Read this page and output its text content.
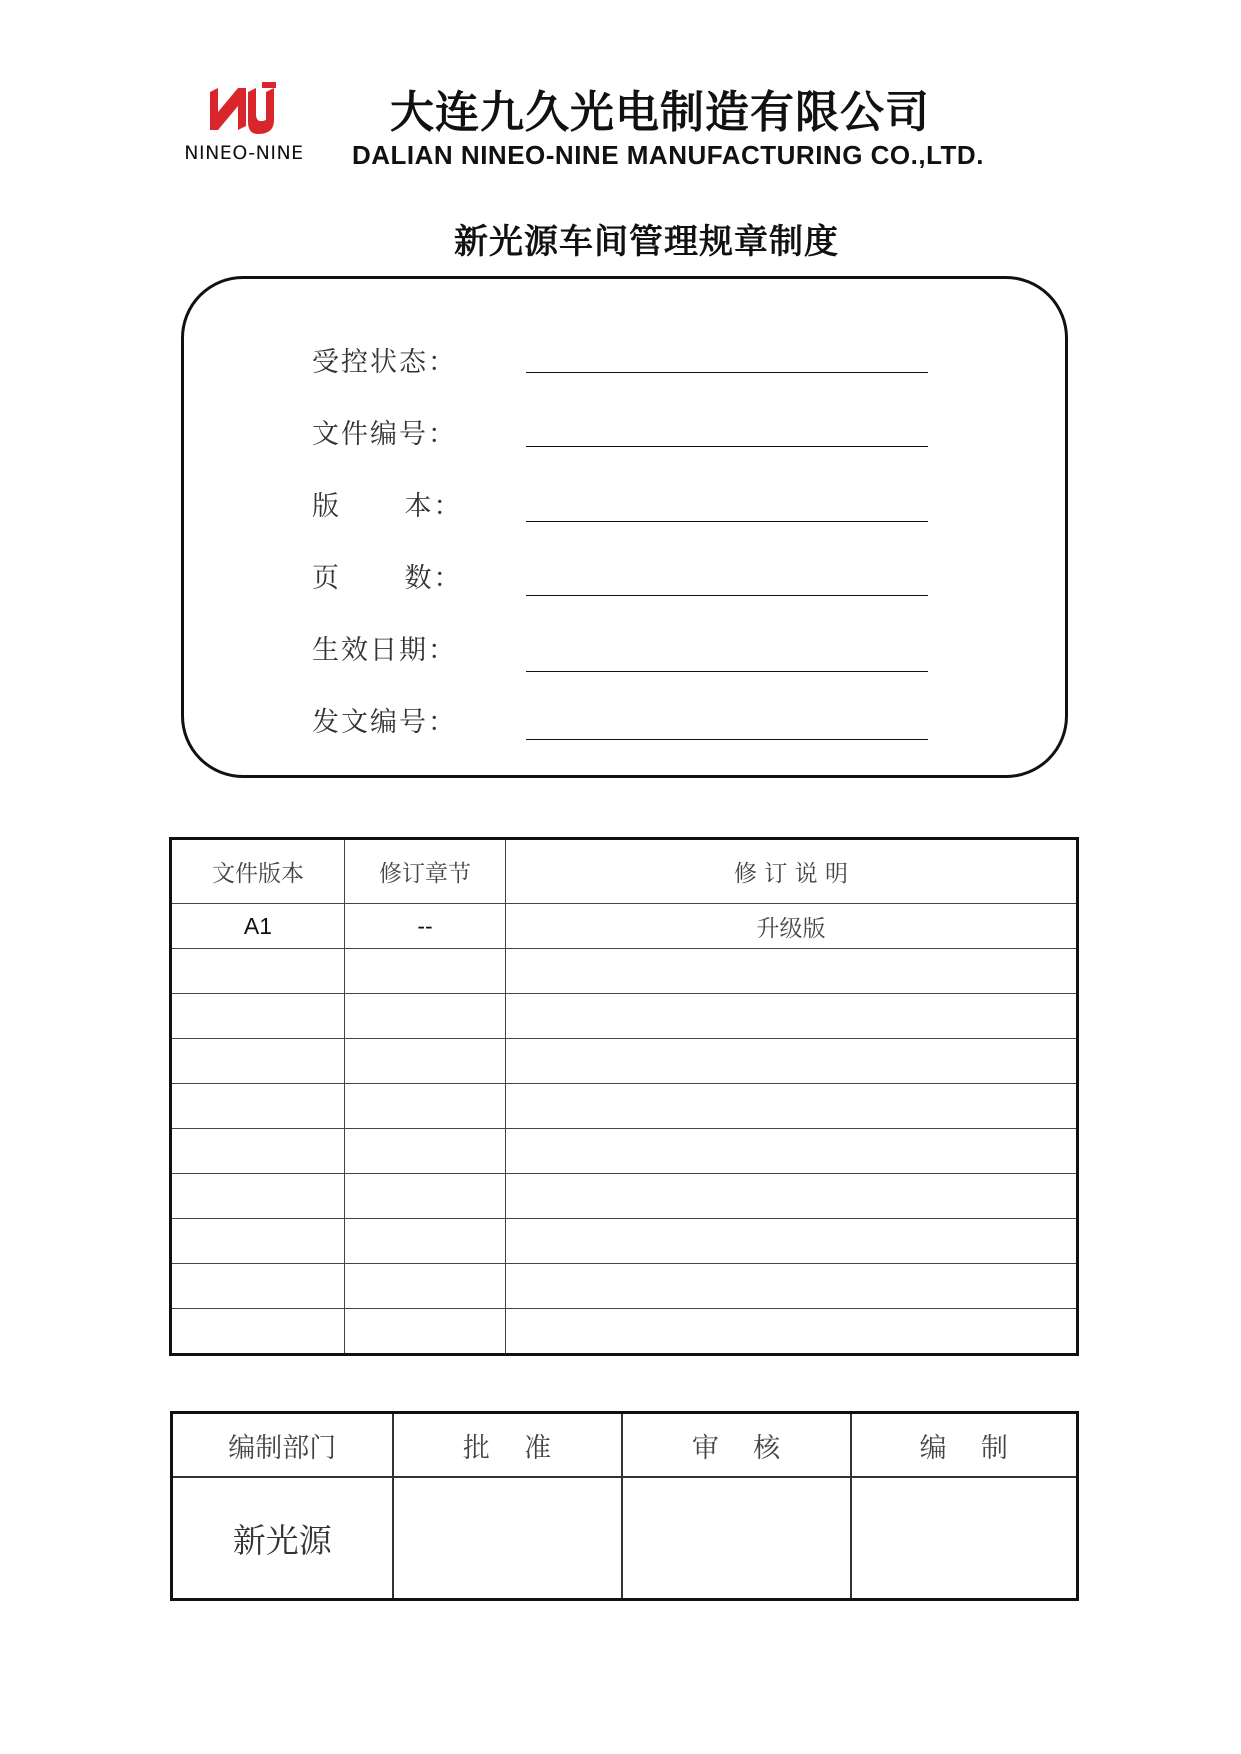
NINEO-NINE
大连九久光电制造有限公司
DALIAN NINEO-NINE MANUFACTURING CO.,LTD.
新光源车间管理规章制度
受控状态：
文件编号：
版      本：
页      数：
生效日期：
发文编号：
文件版本	修订章节	修 订 说 明
A1	--	升级版

编制部门	批    准	审    核	编    制
新光源			
